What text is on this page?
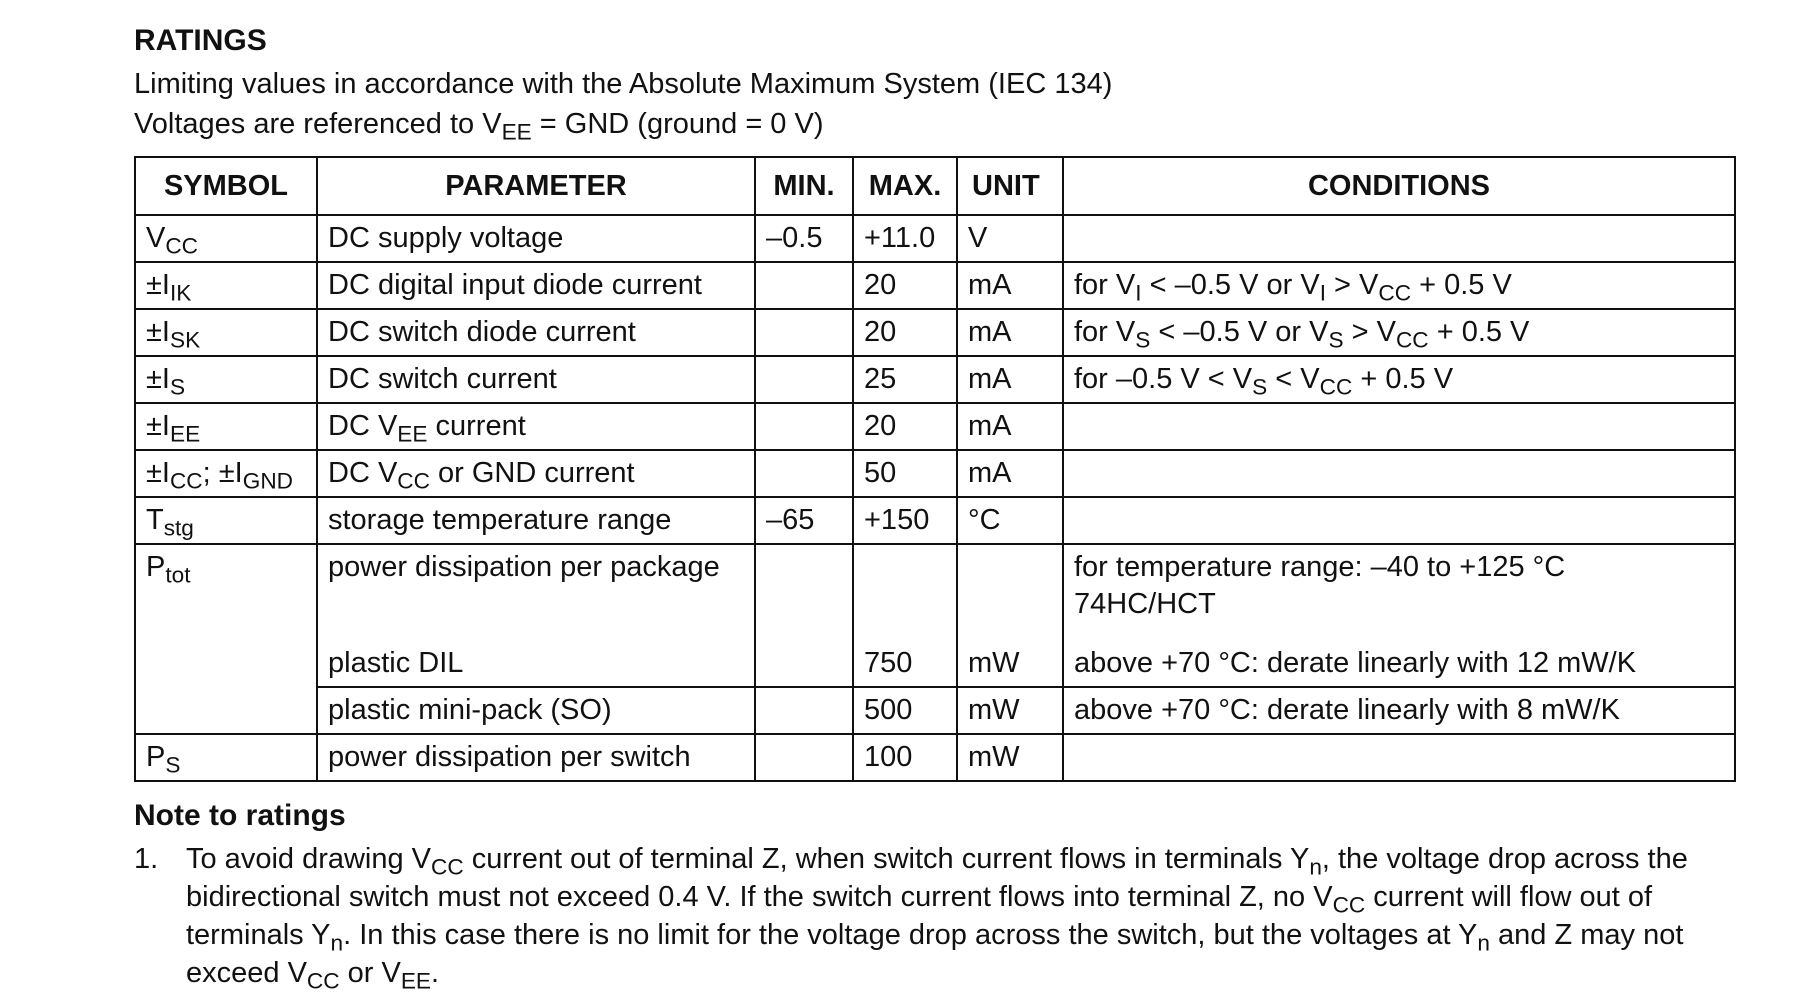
RATINGS

Limiting values in accordance with the Absolute Maximum System (IEC 134)

Voltages are referenced to $V_{EE}$ = GND (ground = 0 V)

SYMBOL	PARAMETER	MIN.	MAX.	UNIT	CONDITIONS
$V_{CC}$	DC supply voltage	–0.5	+11.0	V	
$\pm I_{IK}$	DC digital input diode current		20	mA	for $V_I < -0.5$ V or $V_I > V_{CC} + 0.5$ V
$\pm I_{SK}$	DC switch diode current		20	mA	for $V_S < -0.5$ V or $V_S > V_{CC} + 0.5$ V
$\pm I_S$	DC switch current		25	mA	for –0.5 $V < V_S < V_{CC} + 0.5$ V
$\pm I_{EE}$	DC $V_{EE}$ current		20	mA	
$\pm I_{CC}$; $\pm I_{GND}$	DC $V_{CC}$ or GND current		50	mA	
$T_{stg}$	storage temperature range	–65	+150	°C	
$P_{tot}$	power dissipation per package				for temperature range: –40 to +125 °C
74HC/HCT

	plastic DIL		750	mW	above +70 °C: derate linearly with 12 mW/K
	plastic mini-pack (SO)		500	mW	above +70 °C: derate linearly with 8 mW/K
$P_S$	power dissipation per switch		100	mW	
Note to ratings
1. To avoid drawing $V_{CC}$ current out of terminal Z, when switch current flows in terminals $Y_n$, the voltage drop across the bidirectional switch must not exceed 0.4 V. If the switch current flows into terminal Z, no $V_{CC}$ current will flow out of terminals $Y_n$. In this case there is no limit for the voltage drop across the switch, but the voltages at $Y_n$ and Z may not exceed $V_{CC}$ or $V_{EE}$.
